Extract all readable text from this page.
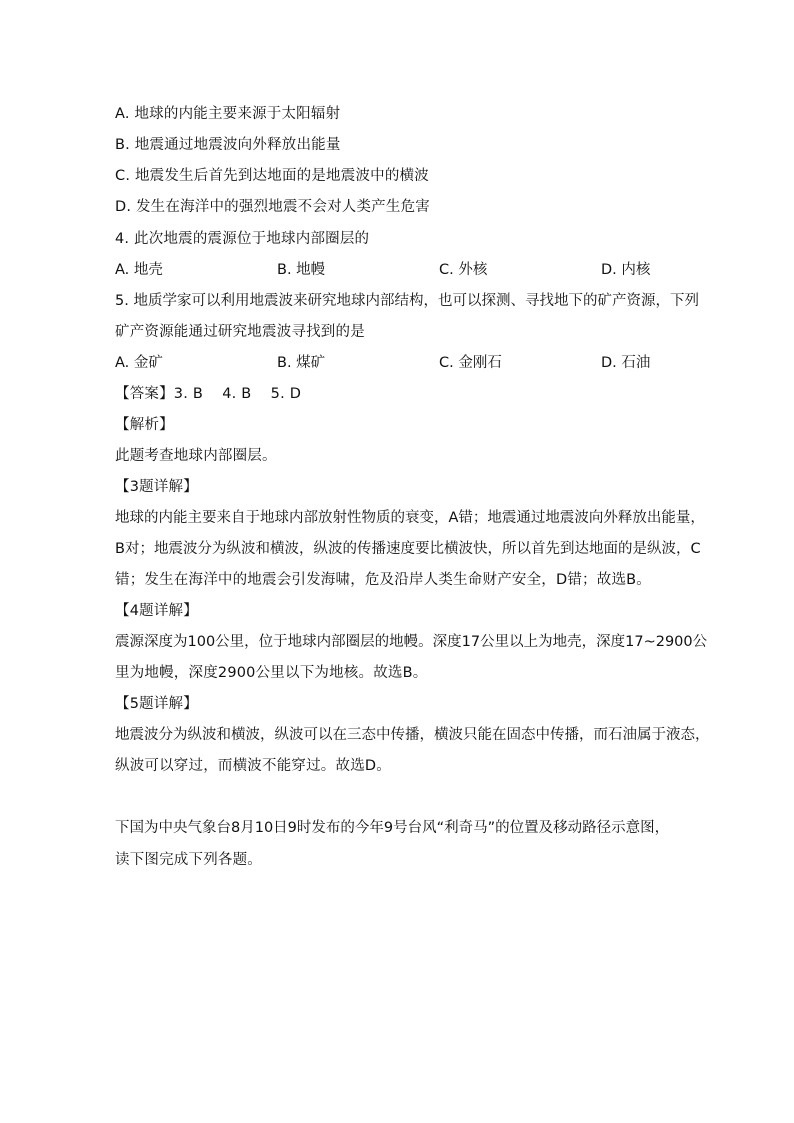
A. 地球的内能主要来源于太阳辐射
B. 地震通过地震波向外释放出能量
C. 地震发生后首先到达地面的是地震波中的横波
D. 发生在海洋中的强烈地震不会对人类产生危害
4. 此次地震的震源位于地球内部圈层的
A. 地壳	B. 地幔	C. 外核	D. 内核
5. 地质学家可以利用地震波来研究地球内部结构，也可以探测、寻找地下的矿产资源，下列
矿产资源能通过研究地震波寻找到的是
A. 金矿	B. 煤矿	C. 金刚石	D. 石油
【答案】3. B    4. B    5. D
【解析】
此题考查地球内部圈层。
【3题详解】
地球的内能主要来自于地球内部放射性物质的衰变，A错；地震通过地震波向外释放出能量，
B对；地震波分为纵波和横波，纵波的传播速度要比横波快，所以首先到达地面的是纵波，C
错；发生在海洋中的地震会引发海啸，危及沿岸人类生命财产安全，D错；故选B。
【4题详解】
震源深度为100公里，位于地球内部圈层的地幔。深度17公里以上为地壳，深度17~2900公
里为地幔，深度2900公里以下为地核。故选B。
【5题详解】
地震波分为纵波和横波，纵波可以在三态中传播，横波只能在固态中传播，而石油属于液态，
纵波可以穿过，而横波不能穿过。故选D。
下国为中央气象台8月10日9时发布的今年9号台风“利奇马”的位置及移动路径示意图，
读下图完成下列各题。
